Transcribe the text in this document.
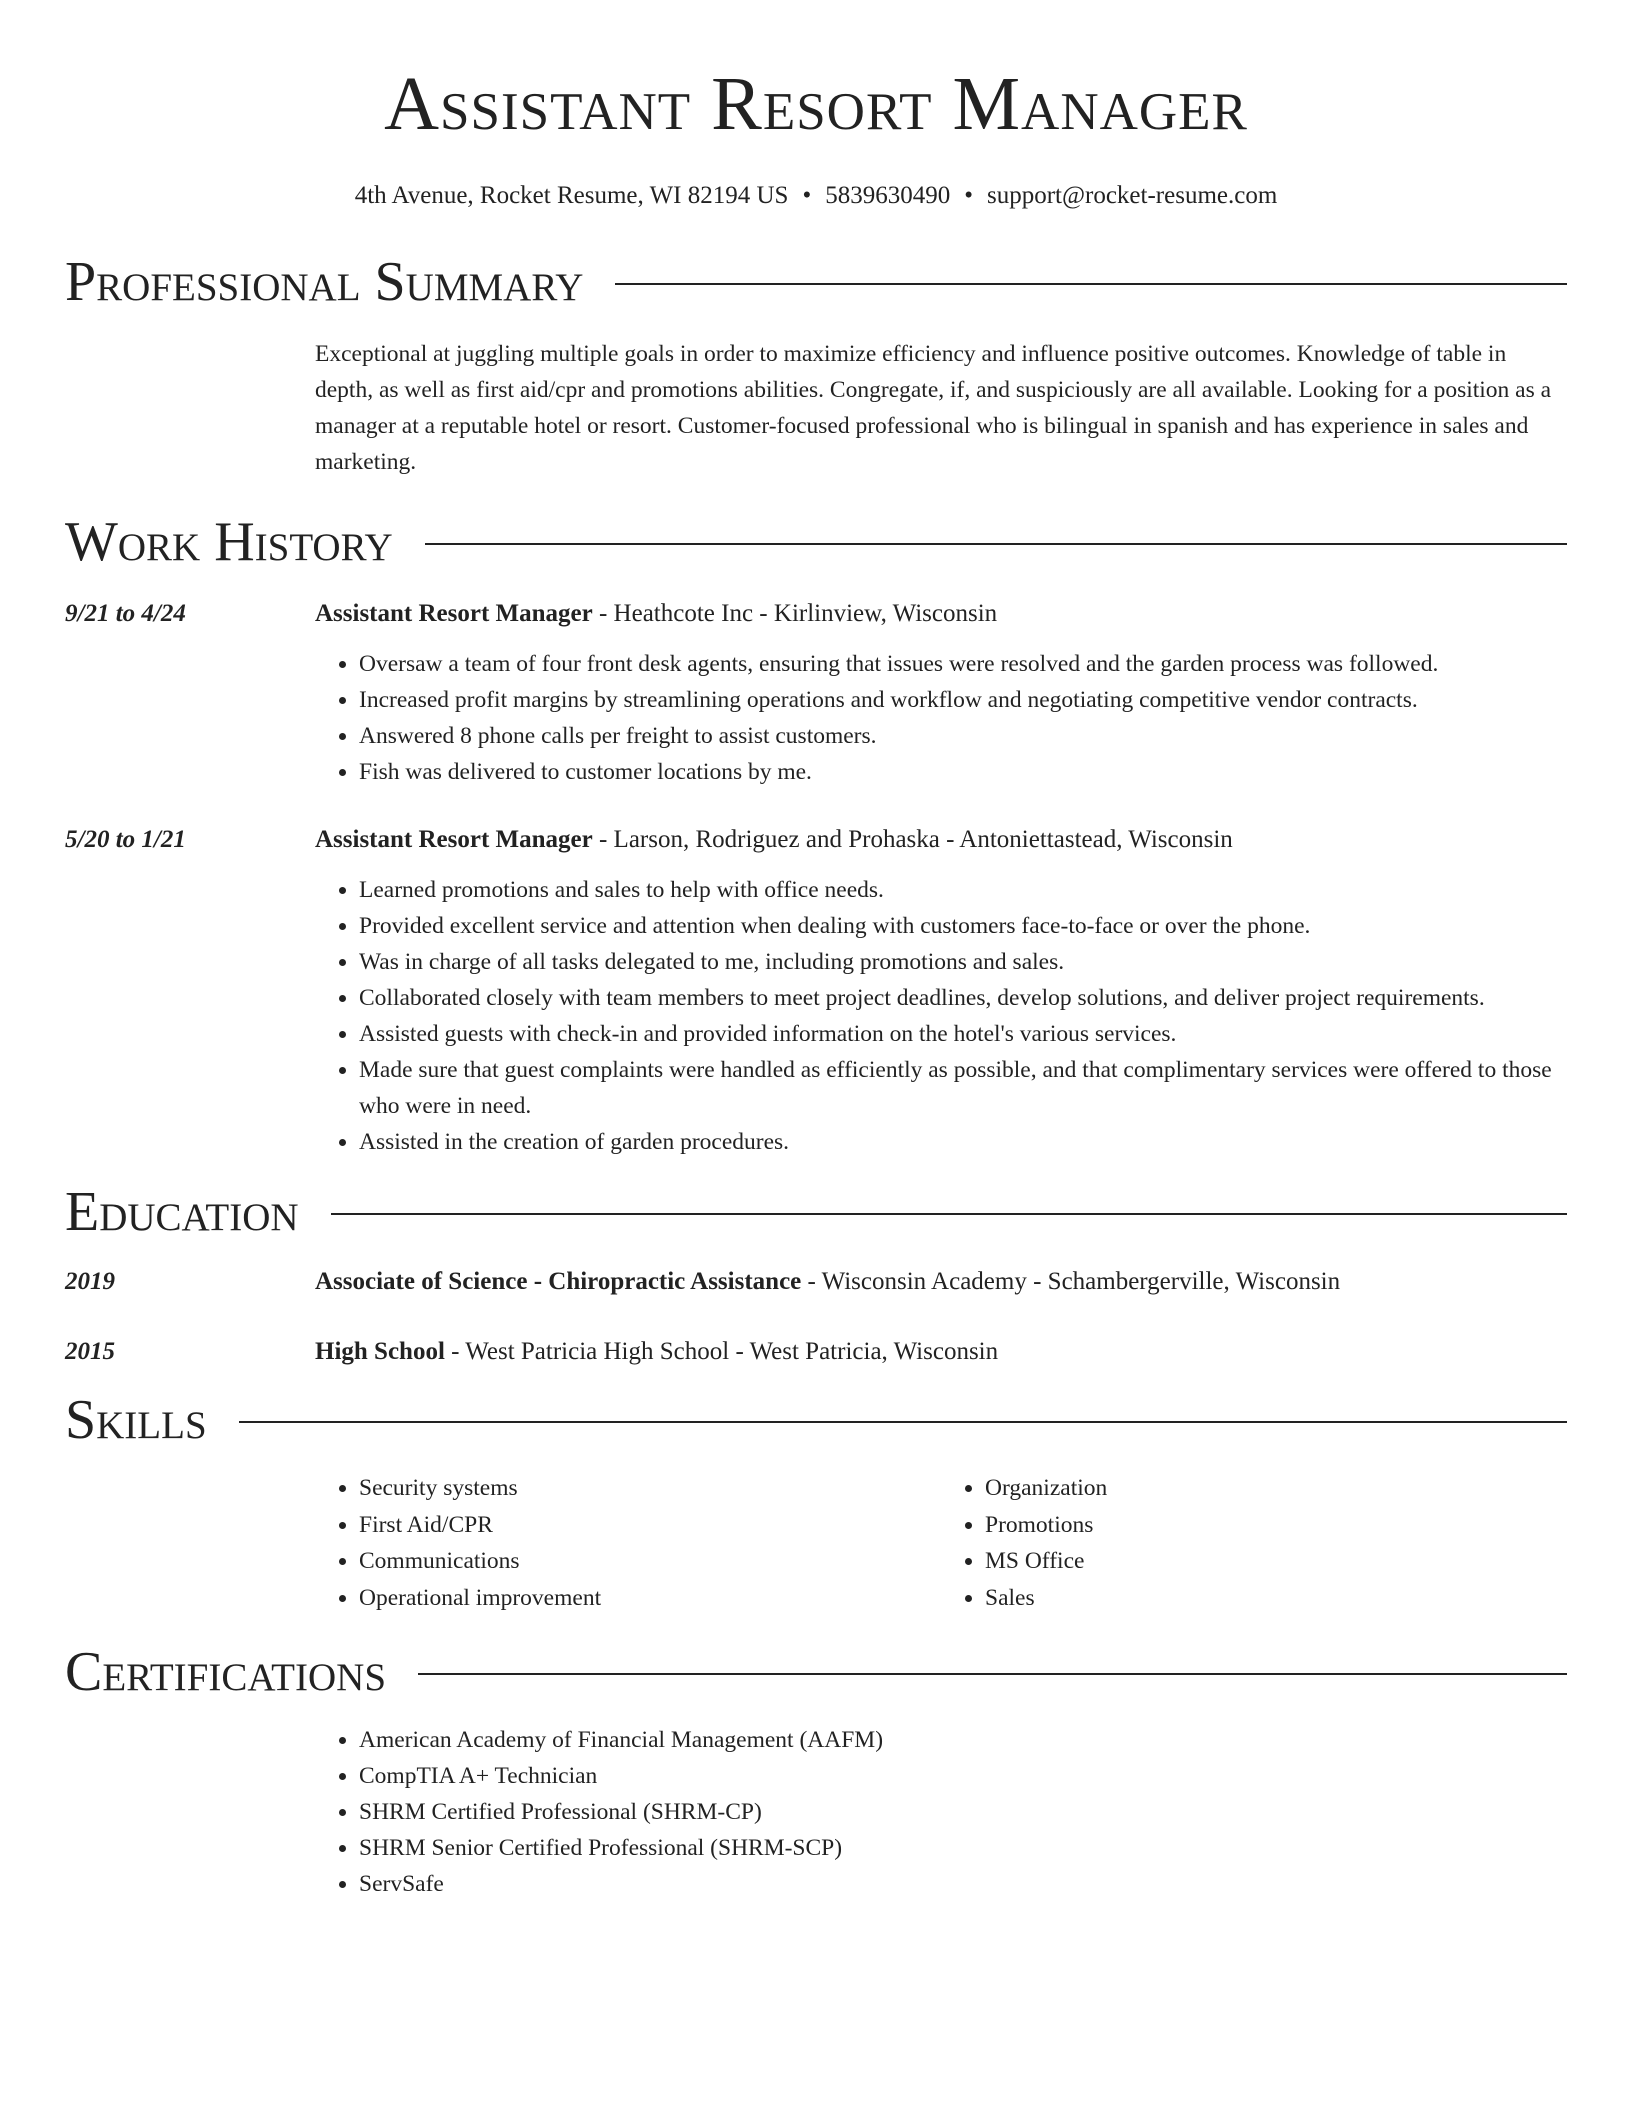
Assistant Resort Manager
4th Avenue, Rocket Resume, WI 82194 US • 5839630490 • support@rocket-resume.com
Professional Summary
Exceptional at juggling multiple goals in order to maximize efficiency and influence positive outcomes. Knowledge of table in depth, as well as first aid/cpr and promotions abilities. Congregate, if, and suspiciously are all available. Looking for a position as a manager at a reputable hotel or resort. Customer-focused professional who is bilingual in spanish and has experience in sales and marketing.
Work History
9/21 to 4/24	Assistant Resort Manager - Heathcote Inc - Kirlinview, Wisconsin
• Oversaw a team of four front desk agents, ensuring that issues were resolved and the garden process was followed.
• Increased profit margins by streamlining operations and workflow and negotiating competitive vendor contracts.
• Answered 8 phone calls per freight to assist customers.
• Fish was delivered to customer locations by me.
5/20 to 1/21	Assistant Resort Manager - Larson, Rodriguez and Prohaska - Antoniettastead, Wisconsin
• Learned promotions and sales to help with office needs.
• Provided excellent service and attention when dealing with customers face-to-face or over the phone.
• Was in charge of all tasks delegated to me, including promotions and sales.
• Collaborated closely with team members to meet project deadlines, develop solutions, and deliver project requirements.
• Assisted guests with check-in and provided information on the hotel's various services.
• Made sure that guest complaints were handled as efficiently as possible, and that complimentary services were offered to those who were in need.
• Assisted in the creation of garden procedures.
Education
2019	Associate of Science - Chiropractic Assistance - Wisconsin Academy - Schambergerville, Wisconsin
2015	High School - West Patricia High School - West Patricia, Wisconsin
Skills
• Security systems
• First Aid/CPR
• Communications
• Operational improvement
• Organization
• Promotions
• MS Office
• Sales
Certifications
• American Academy of Financial Management (AAFM)
• CompTIA A+ Technician
• SHRM Certified Professional (SHRM-CP)
• SHRM Senior Certified Professional (SHRM-SCP)
• ServSafe
